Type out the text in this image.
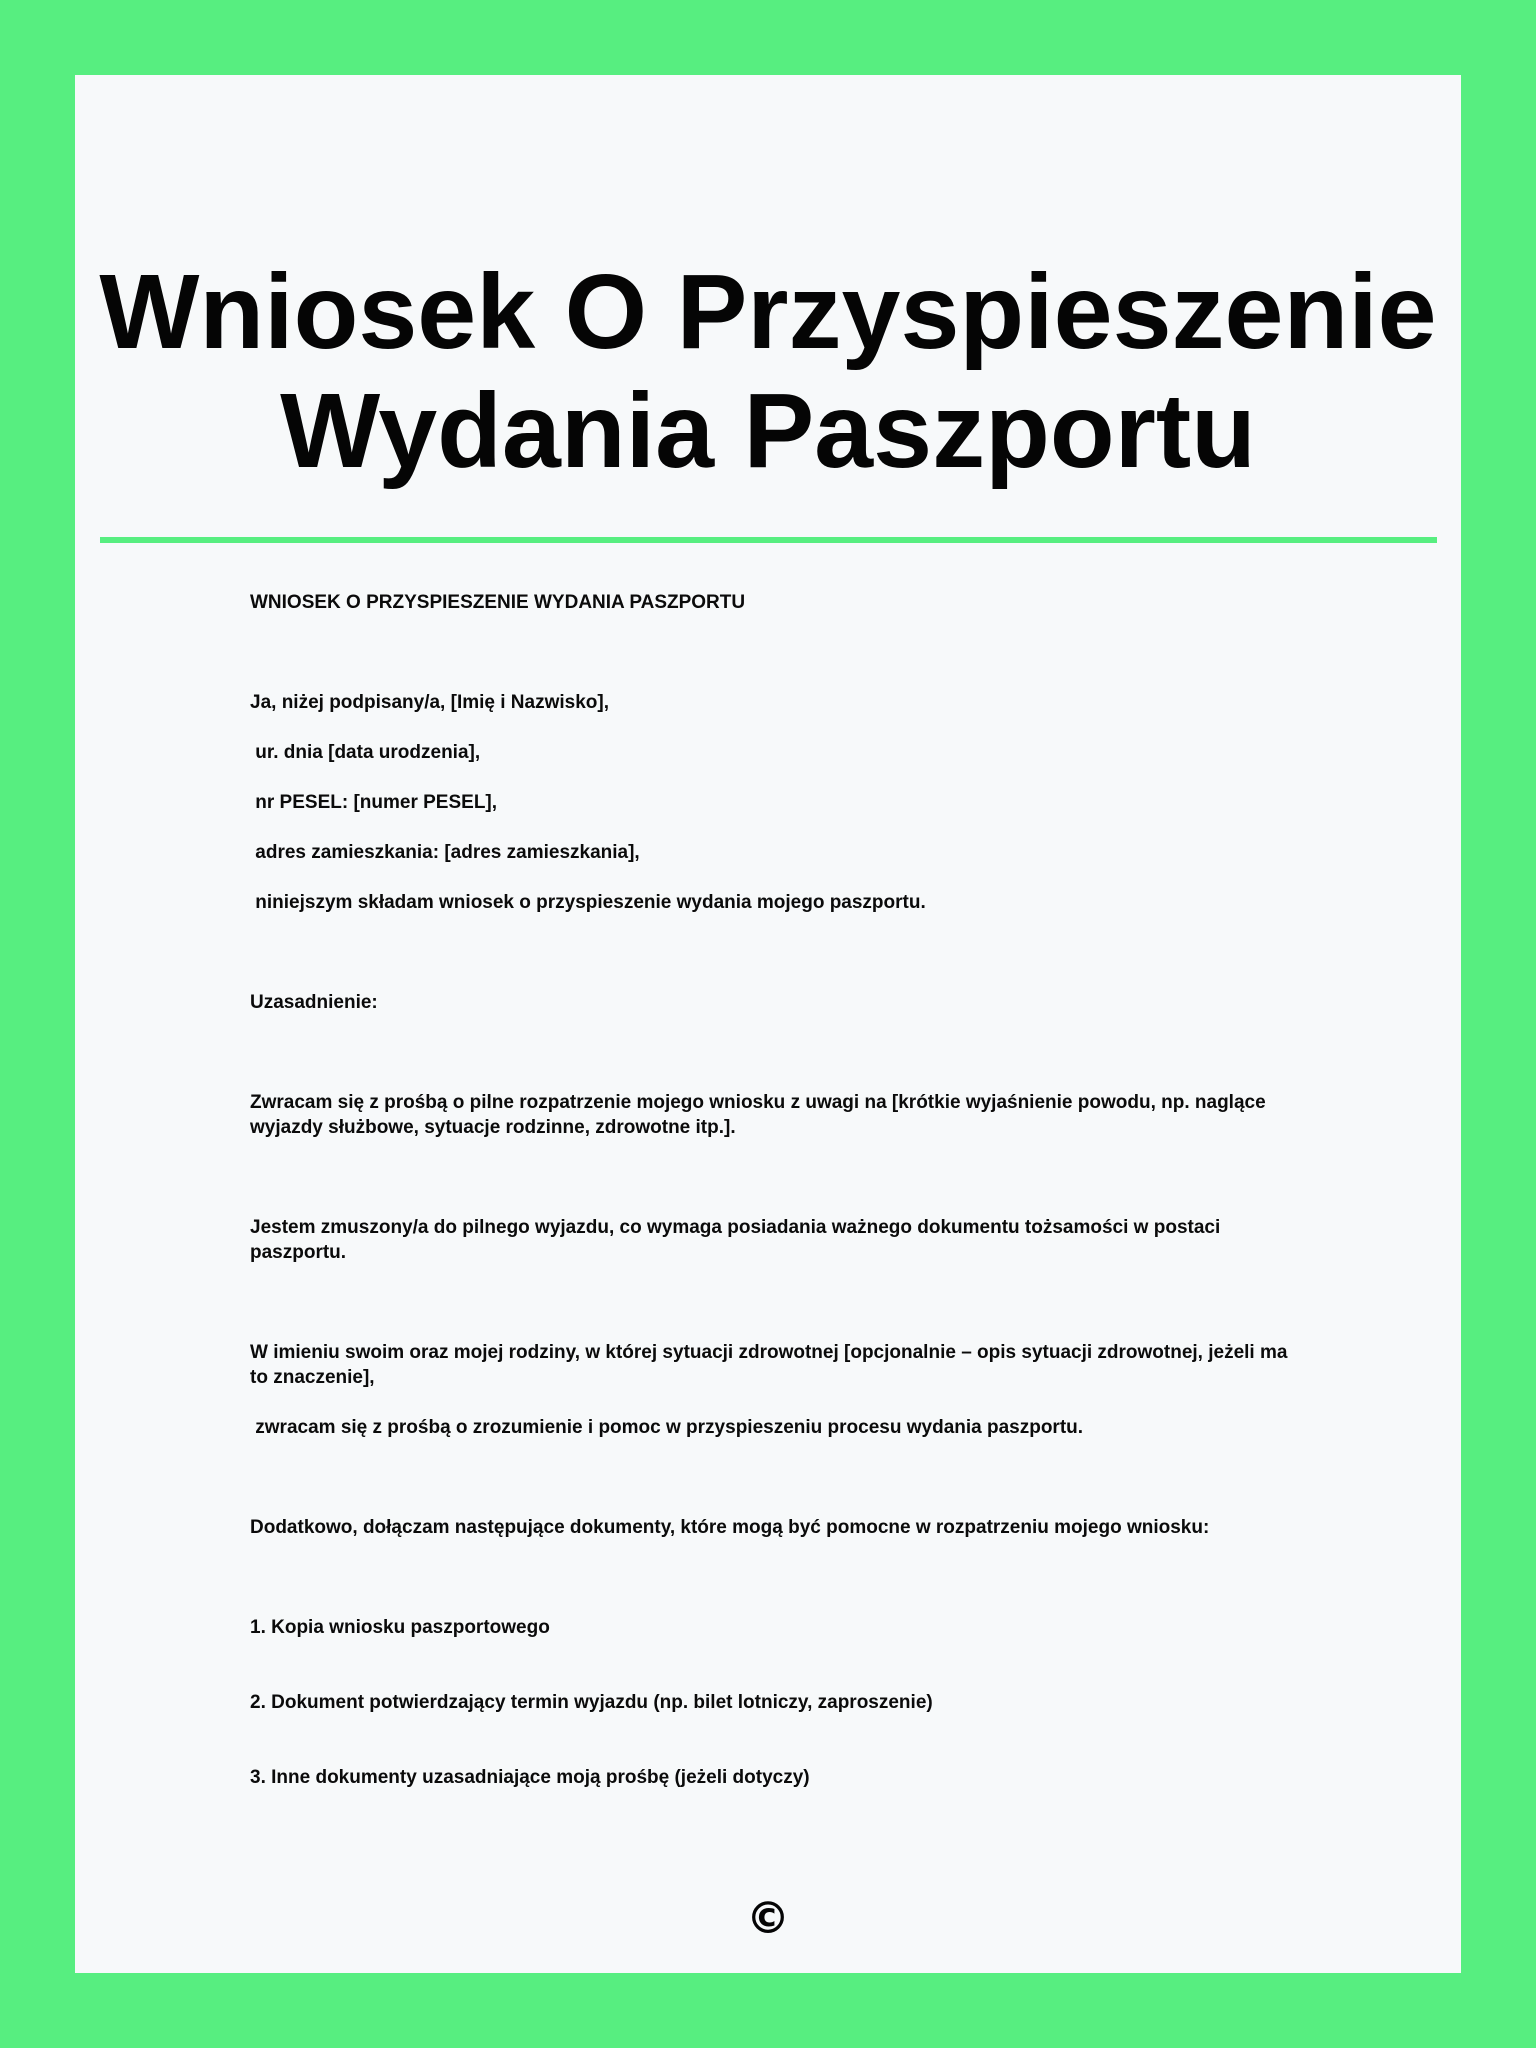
Wniosek O Przyspieszenie
Wydania Paszportu

WNIOSEK O PRZYSPIESZENIE WYDANIA PASZPORTU

Ja, niżej podpisany/a, [Imię i Nazwisko],

ur. dnia [data urodzenia],

nr PESEL: [numer PESEL],

adres zamieszkania: [adres zamieszkania],

niniejszym składam wniosek o przyspieszenie wydania mojego paszportu.

Uzasadnienie:

Zwracam się z prośbą o pilne rozpatrzenie mojego wniosku z uwagi na [krótkie wyjaśnienie powodu, np. naglące wyjazdy służbowe, sytuacje rodzinne, zdrowotne itp.].

Jestem zmuszony/a do pilnego wyjazdu, co wymaga posiadania ważnego dokumentu tożsamości w postaci paszportu.

W imieniu swoim oraz mojej rodziny, w której sytuacji zdrowotnej [opcjonalnie – opis sytuacji zdrowotnej, jeżeli ma to znaczenie],

zwracam się z prośbą o zrozumienie i pomoc w przyspieszeniu procesu wydania paszportu.

Dodatkowo, dołączam następujące dokumenty, które mogą być pomocne w rozpatrzeniu mojego wniosku:

1. Kopia wniosku paszportowego

2. Dokument potwierdzający termin wyjazdu (np. bilet lotniczy, zaproszenie)

3. Inne dokumenty uzasadniające moją prośbę (jeżeli dotyczy)

©
